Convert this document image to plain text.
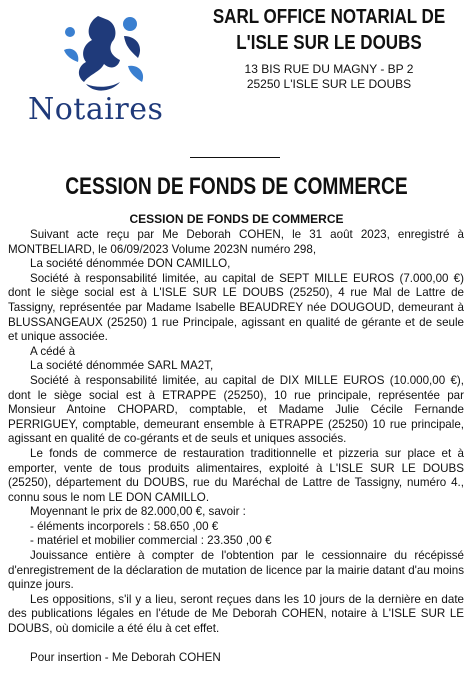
Notaires
SARL OFFICE NOTARIAL DE
L'ISLE SUR LE DOUBS
13 BIS RUE DU MAGNY - BP 2
25250 L'ISLE SUR LE DOUBS
CESSION DE FONDS DE COMMERCE
CESSION DE FONDS DE COMMERCE

Suivant acte reçu par Me Deborah COHEN, le 31 août 2023, enregistré à MONTBELIARD, le 06/09/2023 Volume 2023N numéro 298,

La société dénommée DON CAMILLO,

Société à responsabilité limitée, au capital de SEPT MILLE EUROS (7.000,00 €) dont le siège social est à L'ISLE SUR LE DOUBS (25250), 4 rue Mal de Lattre de Tassigny, représentée par Madame Isabelle BEAUDREY née DOUGOUD, demeurant à BLUSSANGEAUX (25250) 1 rue Principale, agissant en qualité de gérante et de seule et unique associée.

A cédé à

La société dénommée SARL MA2T,

Société à responsabilité limitée, au capital de DIX MILLE EUROS (10.000,00 €), dont le siège social est à ETRAPPE (25250), 10 rue principale, représentée par Monsieur Antoine CHOPARD, comptable, et Madame Julie Cécile Fernande PERRIGUEY, comptable, demeurant ensemble à ETRAPPE (25250) 10 rue principale, agissant en qualité de co-gérants et de seuls et uniques associés.

Le fonds de commerce de restauration traditionnelle et pizzeria sur place et à emporter, vente de tous produits alimentaires, exploité à L'ISLE SUR LE DOUBS (25250), département du DOUBS, rue du Maréchal de Lattre de Tassigny, numéro 4., connu sous le nom LE DON CAMILLO.

Moyennant le prix de 82.000,00 €, savoir :

- éléments incorporels : 58.650 ,00 €

- matériel et mobilier commercial : 23.350 ,00 €

Jouissance entière à compter de l'obtention par le cessionnaire du récépissé d'enregistrement de la déclaration de mutation de licence par la mairie datant d'au moins quinze jours.

Les oppositions, s'il y a lieu, seront reçues dans les 10 jours de la dernière en date des publications légales en l'étude de Me Deborah COHEN, notaire à L'ISLE SUR LE DOUBS, où domicile a été élu à cet effet.

Pour insertion - Me Deborah COHEN
